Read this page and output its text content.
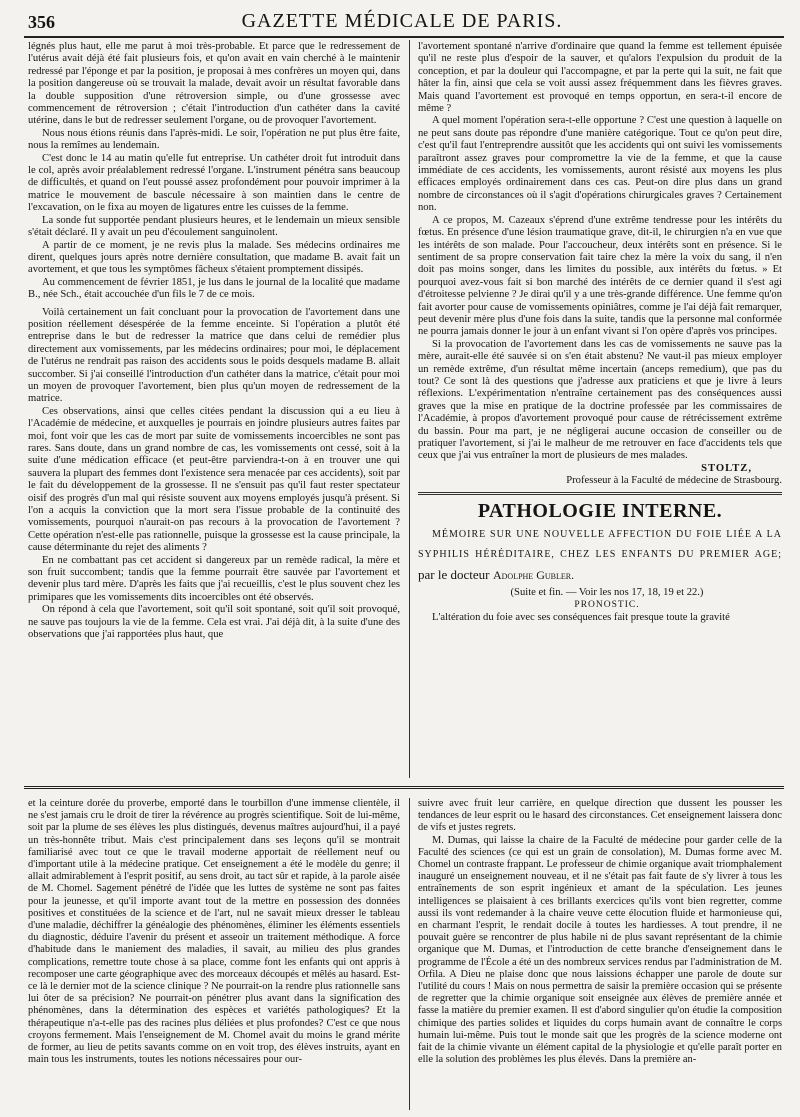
356	GAZETTE MÉDICALE DE PARIS.

légnés plus haut, elle me parut à moi très-probable. Et parce que le redressement de l'utérus avait déjà été fait plusieurs fois, et qu'on avait en vain cherché à le maintenir redressé par l'éponge et par la position, je proposai à mes confrères un moyen qui, dans la position dangereuse où se trouvait la malade, devait avoir un résultat favorable dans la double supposition d'une rétroversion simple, ou d'une grossesse avec commencement de rétroversion ; c'était l'introduction d'un cathéter dans la cavité utérine, dans le but de redresser seulement l'organe, ou de provoquer l'avortement.

Nous nous étions réunis dans l'après-midi. Le soir, l'opération ne put plus être faite, nous la remîmes au lendemain.

C'est donc le 14 au matin qu'elle fut entreprise. Un cathéter droit fut introduit dans le col, après avoir préalablement redressé l'organe. L'instrument pénétra sans beaucoup de difficultés, et quand on l'eut poussé assez profondément pour pouvoir imprimer à la matrice le mouvement de bascule nécessaire à son maintien dans le centre de l'excavation, on le fixa au moyen de ligatures entre les cuisses de la femme.

La sonde fut supportée pendant plusieurs heures, et le lendemain un mieux sensible s'était déclaré. Il y avait un peu d'écoulement sanguinolent.

A partir de ce moment, je ne revis plus la malade. Ses médecins ordinaires me dirent, quelques jours après notre dernière consultation, que madame B. avait fait un avortement, et que tous les symptômes fâcheux s'étaient promptement dissipés.

Au commencement de février 1851, je lus dans le journal de la localité que madame B., née Sch., était accouchée d'un fils le 7 de ce mois.

Voilà certainement un fait concluant pour la provocation de l'avortement dans une position réellement désespérée de la femme enceinte. Si l'opération a plutôt été entreprise dans le but de redresser la matrice que dans celui de remédier plus directement aux vomissements, par les médecins ordinaires; pour moi, le déplacement de l'utérus ne rendrait pas raison des accidents sous le poids desquels madame B. allait succomber. Si j'ai conseillé l'introduction d'un cathéter dans la matrice, c'était pour moi un moyen de provoquer l'avortement, bien plus qu'un moyen de redressement de la matrice.

Ces observations, ainsi que celles citées pendant la discussion qui a eu lieu à l'Académie de médecine, et auxquelles je pourrais en joindre plusieurs autres faites par moi, font voir que les cas de mort par suite de vomissements incoercibles ne sont pas rares. Sans doute, dans un grand nombre de cas, les vomissements ont cessé, soit à la suite d'une médication efficace (et peut-être parviendra-t-on à en trouver une qui sauvera la plupart des femmes dont l'existence sera menacée par ces accidents), soit par le fait du développement de la grossesse. Il ne s'ensuit pas qu'il faut rester spectateur oisif des progrès d'un mal qui résiste souvent aux moyens employés jusqu'à présent. Si l'on a acquis la conviction que la mort sera l'issue probable de la continuité des vomissements, pourquoi n'aurait-on pas recours à la provocation de l'avortement ? Cette opération n'est-elle pas rationnelle, puisque la grossesse est la cause principale, la cause déterminante du rejet des aliments ?

En ne combattant pas cet accident si dangereux par un remède radical, la mère et son fruit succombent; tandis que la femme pourrait être sauvée par l'avortement et devenir plus tard mère. D'après les faits que j'ai recueillis, c'est le plus souvent chez les primipares que les vomissements dits incoercibles ont été observés.

On répond à cela que l'avortement, soit qu'il soit spontané, soit qu'il soit provoqué, ne sauve pas toujours la vie de la femme. Cela est vrai. J'ai déjà dit, à la suite d'une des observations que j'ai rapportées plus haut, que

l'avortement spontané n'arrive d'ordinaire que quand la femme est tellement épuisée qu'il ne reste plus d'espoir de la sauver, et qu'alors l'expulsion du produit de la conception, et par la douleur qui l'accompagne, et par la perte qui la suit, ne fait que hâter la fin, ainsi que cela se voit aussi assez fréquemment dans les fièvres graves. Mais quand l'avortement est provoqué en temps opportun, en sera-t-il encore de même ?

A quel moment l'opération sera-t-elle opportune ? C'est une question à laquelle on ne peut sans doute pas répondre d'une manière catégorique. Tout ce qu'on peut dire, c'est qu'il faut l'entreprendre aussitôt que les accidents qui ont suivi les vomissements paraîtront assez graves pour compromettre la vie de la femme, et que la cause immédiate de ces accidents, les vomissements, auront résisté aux moyens les plus efficaces employés ordinairement dans ces cas. Peut-on dire plus dans un grand nombre de circonstances où il s'agit d'opérations chirurgicales graves ? Certainement non.

A ce propos, M. Cazeaux s'éprend d'une extrême tendresse pour les intérêts du fœtus. En présence d'une lésion traumatique grave, dit-il, le chirurgien n'a en vue que les intérêts de son malade. Pour l'accoucheur, deux intérêts sont en présence. Si le sentiment de sa propre conservation fait taire chez la mère la voix du sang, il n'en doit pas moins songer, dans les limites du possible, aux intérêts du fœtus. » Et pourquoi avez-vous fait si bon marché des intérêts de ce dernier quand il s'est agi d'étroitesse pelvienne ? Je dirai qu'il y a une très-grande différence. Une femme qu'on fait avorter pour cause de vomissements opiniâtres, comme je l'ai déjà fait remarquer, peut devenir mère plus d'une fois dans la suite, tandis que la personne mal conformée ne pourra jamais donner le jour à un enfant vivant si l'on opère d'après vos principes.

Si la provocation de l'avortement dans les cas de vomissements ne sauve pas la mère, aurait-elle été sauvée si on s'en était abstenu? Ne vaut-il pas mieux employer un remède extrême, d'un résultat même incertain (anceps remedium), que pas du tout? Ce sont là des questions que j'adresse aux praticiens et que je livre à leurs réflexions. L'expérimentation n'entraîne certainement pas des conséquences aussi graves que la mise en pratique de la doctrine professée par les commissaires de l'Académie, à propos d'avortement provoqué pour cause de rétrécissement extrême du bassin. Pour ma part, je ne négligerai aucune occasion de conseiller ou de pratiquer l'avortement, si j'ai le malheur de me retrouver en face d'accidents tels que ceux que j'ai vus entraîner la mort de plusieurs de mes malades.

STOLTZ,

Professeur à la Faculté de médecine de Strasbourg.

PATHOLOGIE INTERNE.

MÉMOIRE SUR UNE NOUVELLE AFFECTION DU FOIE LIÉE A LA SYPHILIS HÉRÉDITAIRE, CHEZ LES ENFANTS DU PREMIER AGE; par le docteur Adolphe Gubler.

(Suite et fin. — Voir les nos 17, 18, 19 et 22.)

PRONOSTIC.

L'altération du foie avec ses conséquences fait presque toute la gravité

et la ceinture dorée du proverbe, emporté dans le tourbillon d'une immense clientèle, il ne s'est jamais cru le droit de tirer la révérence au progrès scientifique. Soit de lui-même, soit par la plume de ses élèves les plus distingués, devenus maîtres aujourd'hui, il a payé un très-honnête tribut. Mais c'est principalement dans ses leçons qu'il se montrait familiarisé avec tout ce que le travail moderne apportait de réellement neuf ou d'important utile à la médecine pratique. Cet enseignement a été le modèle du genre; il allait admirablement à l'esprit positif, au sens droit, au tact sûr et rapide, à la parole aisée de M. Chomel. Sagement pénétré de l'idée que les luttes de système ne sont pas faites pour la jeunesse, et qu'il importe avant tout de la mettre en possession des données positives et constituées de la science et de l'art, nul ne savait mieux dresser le tableau d'une maladie, déchiffrer la généalogie des phénomènes, éliminer les éléments essentiels du diagnostic, déduire l'avenir du présent et asseoir un traitement méthodique. A force d'habitude dans le maniement des maladies, il savait, au milieu des plus grandes complications, remettre toute chose à sa place, comme font les enfants qui ont appris à recomposer une carte géographique avec des morceaux découpés et mêlés au hasard. Est-ce là le dernier mot de la science clinique ? Ne pourrait-on la rendre plus rationnelle sans lui ôter de sa précision? Ne pourrait-on pénétrer plus avant dans la signification des phénomènes, dans la détermination des espèces et variétés pathologiques? Et la thérapeutique n'a-t-elle pas des racines plus déliées et plus profondes? C'est ce que nous croyons fermement. Mais l'enseignement de M. Chomel avait du moins le grand mérite de former, au lieu de petits savants comme on en voit trop, des élèves instruits, ayant en main tous les instruments, toutes les notions nécessaires pour our-

suivre avec fruit leur carrière, en quelque direction que dussent les pousser les tendances de leur esprit ou le hasard des circonstances. Cet enseignement laissera donc de vifs et justes regrets.

M. Dumas, qui laisse la chaire de la Faculté de médecine pour garder celle de la Faculté des sciences (ce qui est un grain de consolation), M. Dumas forme avec M. Chomel un contraste frappant. Le professeur de chimie organique avait triomphalement inauguré un enseignement nouveau, et il ne s'était pas fait faute de s'y livrer à tous les entraînements de son esprit ingénieux et amant de la spéculation. Les jeunes intelligences se plaisaient à ces brillants exercices qu'ils vont bien regretter, comme aussi ils vont redemander à la chaire veuve cette élocution fluide et harmonieuse qui, en charmant l'esprit, le rendait docile à toutes les hardiesses. A tout prendre, il ne pouvait guère se rencontrer de plus habile ni de plus savant représentant de la chimie organique que M. Dumas, et l'introduction de cette branche d'enseignement dans le programme de l'École a été un des nombreux services rendus par l'administration de M. Orfila. A Dieu ne plaise donc que nous laissions échapper une parole de doute sur l'utilité du cours ! Mais on nous permettra de saisir la première occasion qui se présente de regretter que la chimie organique soit enseignée aux élèves de première année et fasse la matière du premier examen. Il est d'abord singulier qu'on étudie la composition chimique des parties solides et liquides du corps humain avant de connaître le corps humain lui-même. Puis tout le monde sait que les progrès de la science moderne ont fait de la chimie vivante un élément capital de la physiologie et qu'elle paraît porter en elle la solution des problèmes les plus élevés. Dans la première an-
